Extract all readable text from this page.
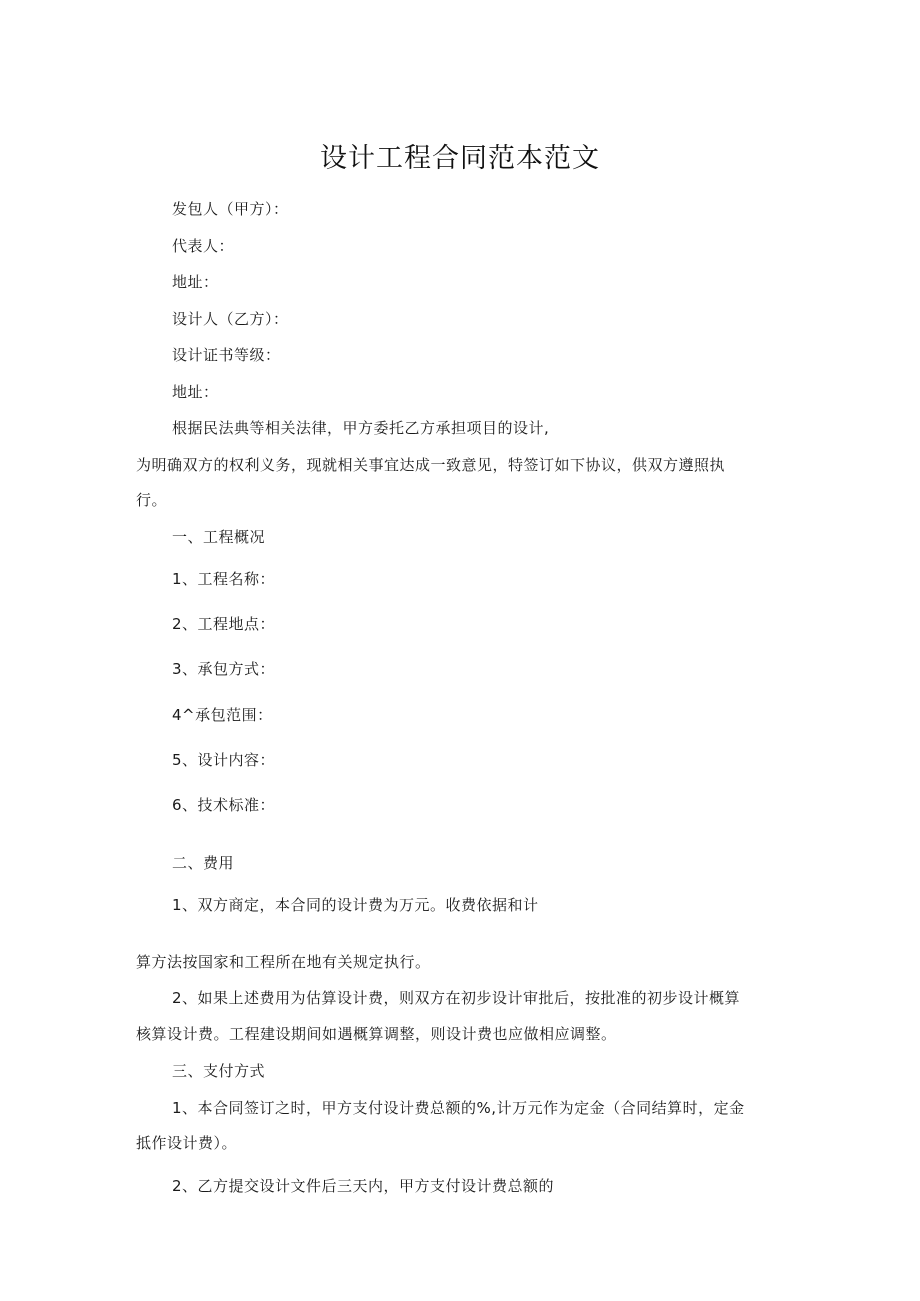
设计工程合同范本范文
发包人（甲方）：
代表人：
地址：
设计人（乙方）：
设计证书等级：
地址：
根据民法典等相关法律，甲方委托乙方承担项目的设计,
为明确双方的权利义务，现就相关事宜达成一致意见，特签订如下协议，供双方遵照执
行。
一、工程概况
1、工程名称：
2、工程地点：
3、承包方式：
4^承包范围：
5、设计内容：
6、技术标准：
二、费用
1、双方商定，本合同的设计费为万元。收费依据和计
算方法按国家和工程所在地有关规定执行。
2、如果上述费用为估算设计费，则双方在初步设计审批后，按批准的初步设计概算
核算设计费。工程建设期间如遇概算调整，则设计费也应做相应调整。
三、支付方式
1、本合同签订之时，甲方支付设计费总额的%,计万元作为定金（合同结算时，定金
抵作设计费）。
2、乙方提交设计文件后三天内，甲方支付设计费总额的
